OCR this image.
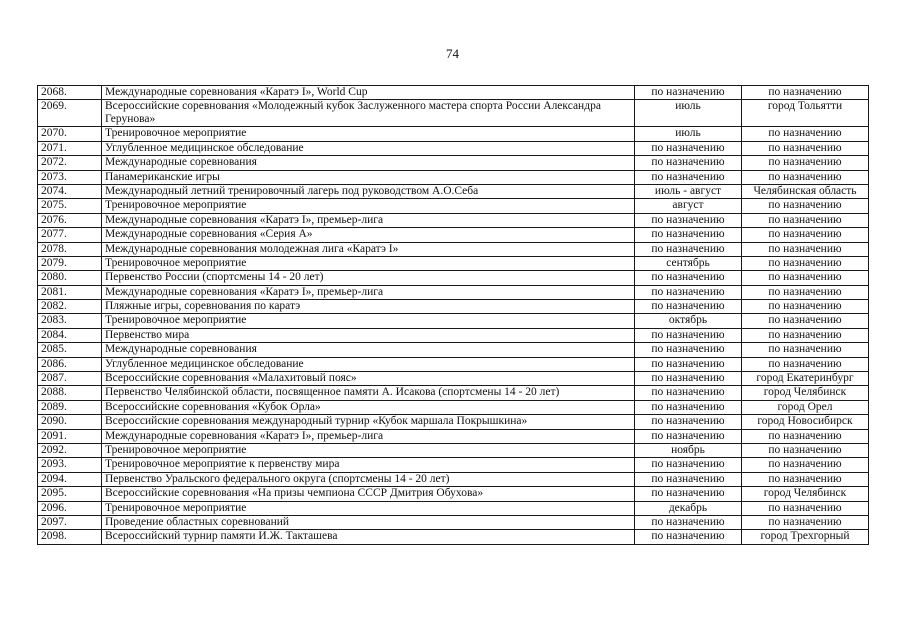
74
2068.	Международные соревнования «Каратэ I», World Cup	по назначению	по назначению
2069.	Всероссийские соревнования «Молодежный кубок Заслуженного мастера спорта России Александра Герунова»	июль	город Тольятти
2070.	Тренировочное мероприятие	июль	по назначению
2071.	Углубленное медицинское обследование	по назначению	по назначению
2072.	Международные соревнования	по назначению	по назначению
2073.	Панамериканские игры	по назначению	по назначению
2074.	Международный летний тренировочный лагерь под руководством А.О.Себа	июль - август	Челябинская область
2075.	Тренировочное мероприятие	август	по назначению
2076.	Международные соревнования «Каратэ I», премьер-лига	по назначению	по назначению
2077.	Международные соревнования «Серия А»	по назначению	по назначению
2078.	Международные соревнования молодежная лига «Каратэ I»	по назначению	по назначению
2079.	Тренировочное мероприятие	сентябрь	по назначению
2080.	Первенство России (спортсмены 14 - 20 лет)	по назначению	по назначению
2081.	Международные соревнования «Каратэ I», премьер-лига	по назначению	по назначению
2082.	Пляжные игры, соревнования по каратэ	по назначению	по назначению
2083.	Тренировочное мероприятие	октябрь	по назначению
2084.	Первенство мира	по назначению	по назначению
2085.	Международные соревнования	по назначению	по назначению
2086.	Углубленное медицинское обследование	по назначению	по назначению
2087.	Всероссийские соревнования «Малахитовый пояс»	по назначению	город Екатеринбург
2088.	Первенство Челябинской области, посвященное памяти А. Исакова (спортсмены 14 - 20 лет)	по назначению	город Челябинск
2089.	Всероссийские соревнования «Кубок Орла»	по назначению	город Орел
2090.	Всероссийские соревнования международный турнир «Кубок маршала Покрышкина»	по назначению	город Новосибирск
2091.	Международные соревнования «Каратэ I», премьер-лига	по назначению	по назначению
2092.	Тренировочное мероприятие	ноябрь	по назначению
2093.	Тренировочное мероприятие к первенству мира	по назначению	по назначению
2094.	Первенство Уральского федерального округа (спортсмены 14 - 20 лет)	по назначению	по назначению
2095.	Всероссийские соревнования «На призы чемпиона СССР Дмитрия Обухова»	по назначению	город Челябинск
2096.	Тренировочное мероприятие	декабрь	по назначению
2097.	Проведение областных соревнований	по назначению	по назначению
2098.	Всероссийский турнир памяти И.Ж. Такташева	по назначению	город Трехгорный
